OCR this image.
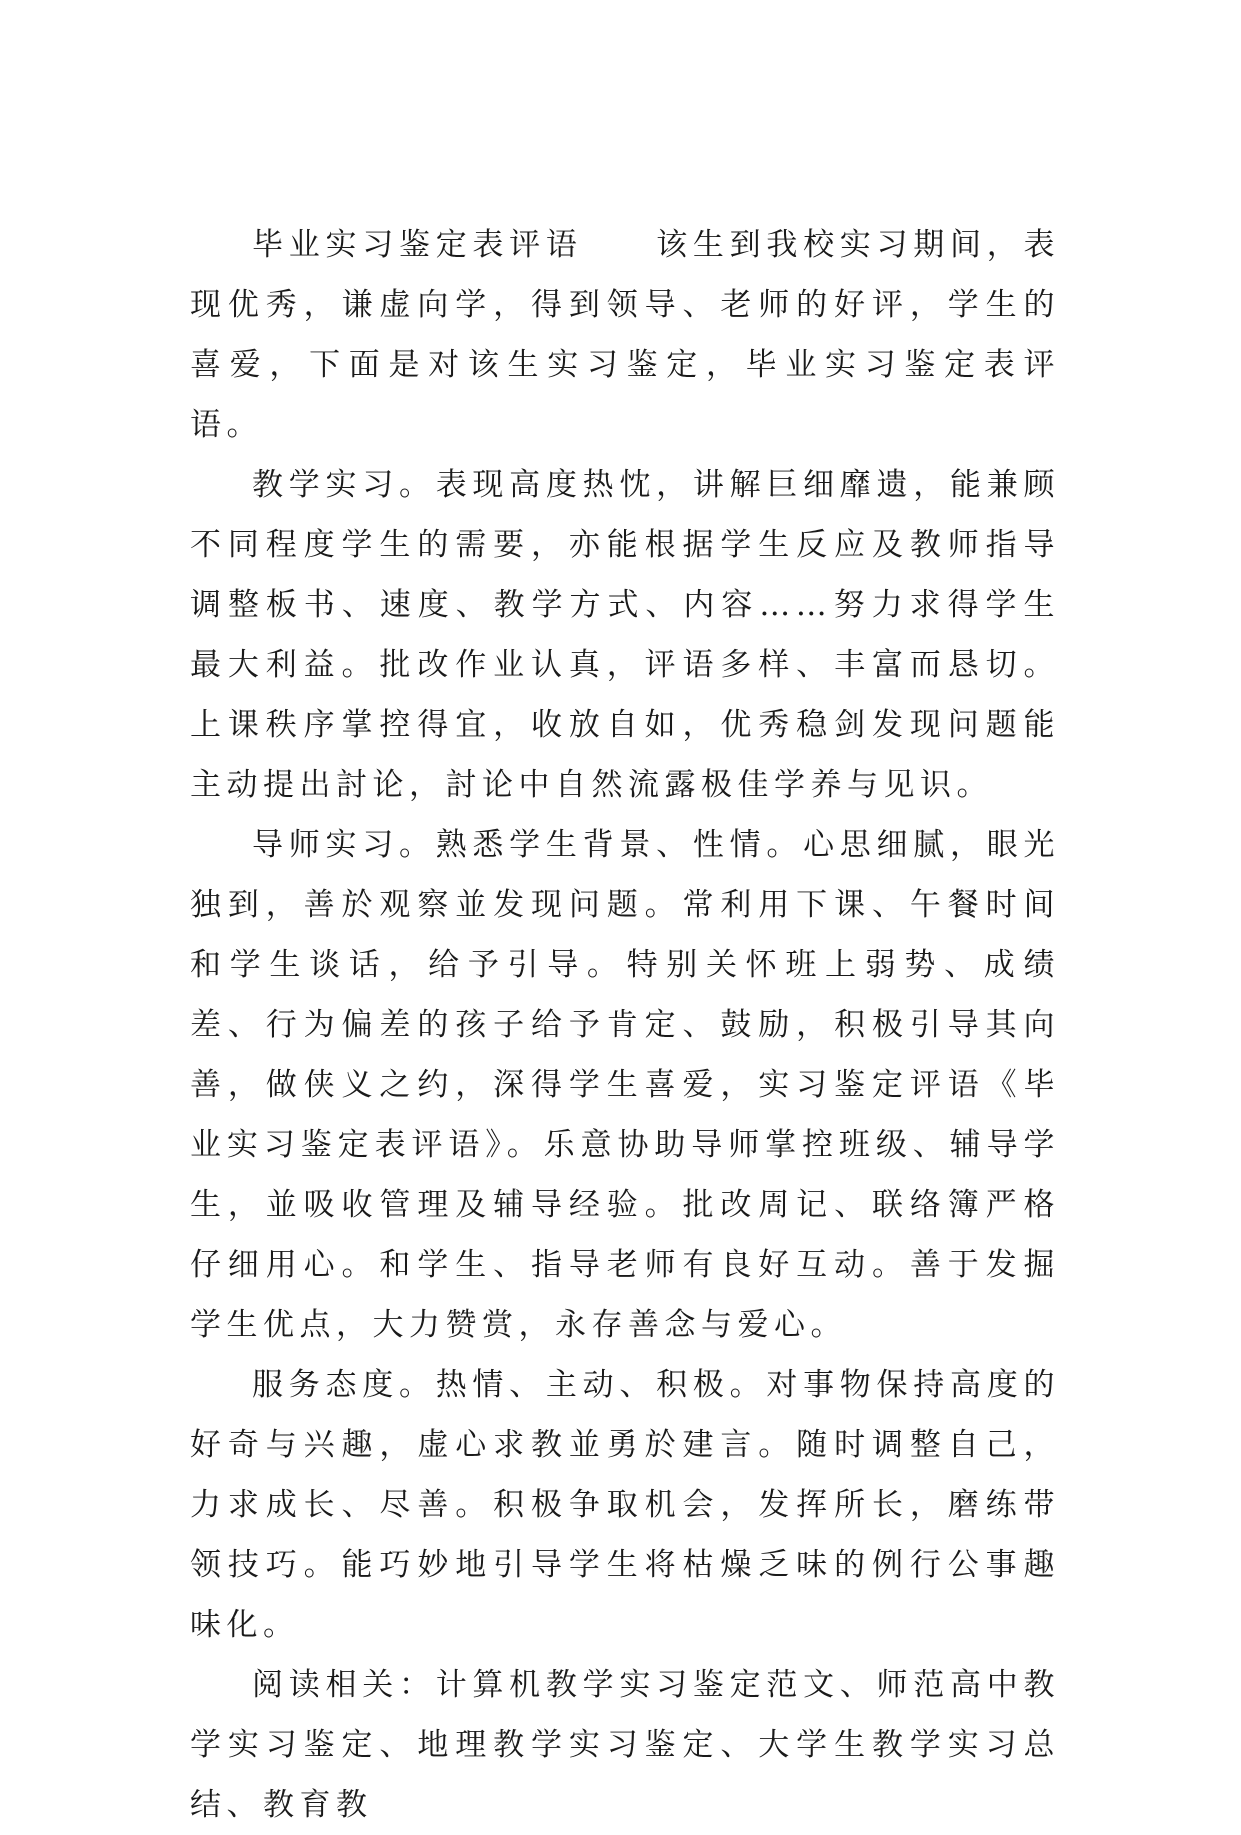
毕业实习鉴定表评语　　该生到我校实习期间，表现优秀，谦虚向学，得到领导、老师的好评，学生的喜爱，下面是对该生实习鉴定，毕业实习鉴定表评语。

教学实习。表现高度热忱，讲解巨细靡遗，能兼顾不同程度学生的需要，亦能根据学生反应及教师指导调整板书、速度、教学方式、内容……努力求得学生最大利益。批改作业认真，评语多样、丰富而恳切。上课秩序掌控得宜，收放自如，优秀稳剑发现问题能主动提出討论，討论中自然流露极佳学养与见识。

导师实习。熟悉学生背景、性情。心思细腻，眼光独到，善於观察並发现问题。常利用下课、午餐时间和学生谈话，给予引导。特别关怀班上弱势、成绩差、行为偏差的孩子给予肯定、鼓励，积极引导其向善，做侠义之约，深得学生喜爱，实习鉴定评语《毕业实习鉴定表评语》。乐意协助导师掌控班级、辅导学生，並吸收管理及辅导经验。批改周记、联络簿严格仔细用心。和学生、指导老师有良好互动。善于发掘学生优点，大力赞赏，永存善念与爱心。

服务态度。热情、主动、积极。对事物保持高度的好奇与兴趣，虚心求教並勇於建言。随时调整自己，力求成长、尽善。积极争取机会，发挥所长，磨练带领技巧。能巧妙地引导学生将枯燥乏味的例行公事趣味化。

阅读相关：计算机教学实习鉴定范文、师范高中教学实习鉴定、地理教学实习鉴定、大学生教学实习总结、教育教
